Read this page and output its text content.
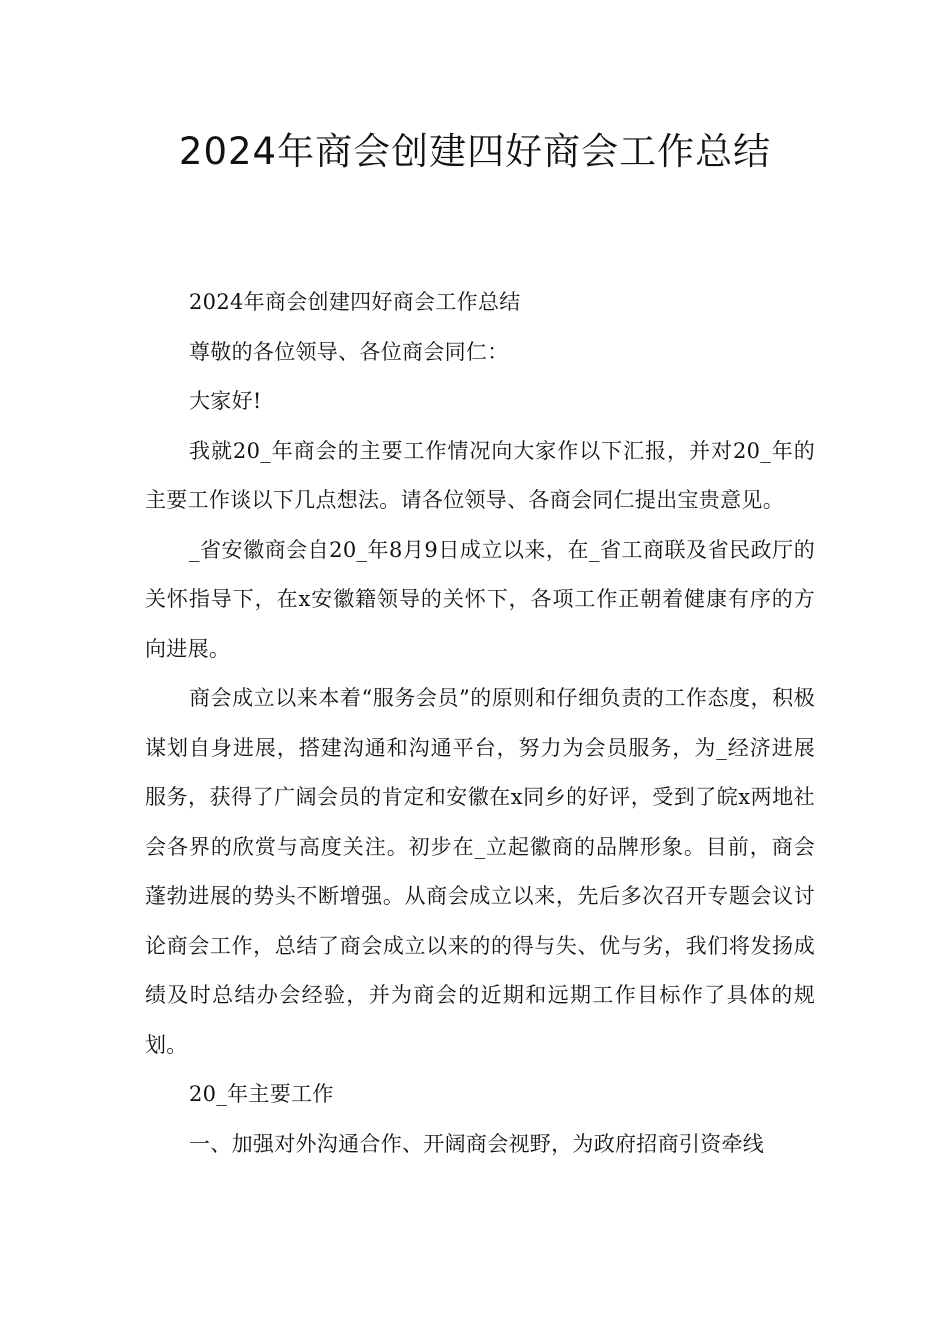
2024年商会创建四好商会工作总结

2024年商会创建四好商会工作总结

尊敬的各位领导、各位商会同仁：

大家好!

我就20_年商会的主要工作情况向大家作以下汇报，并对20_年的主要工作谈以下几点想法。请各位领导、各商会同仁提出宝贵意见。

_省安徽商会自20_年8月9日成立以来，在_省工商联及省民政厅的关怀指导下，在x安徽籍领导的关怀下，各项工作正朝着健康有序的方向进展。

商会成立以来本着“服务会员”的原则和仔细负责的工作态度，积极谋划自身进展，搭建沟通和沟通平台，努力为会员服务，为_经济进展服务，获得了广阔会员的肯定和安徽在x同乡的好评，受到了皖x两地社会各界的欣赏与高度关注。初步在_立起徽商的品牌形象。目前，商会蓬勃进展的势头不断增强。从商会成立以来，先后多次召开专题会议讨论商会工作，总结了商会成立以来的的得与失、优与劣，我们将发扬成绩及时总结办会经验，并为商会的近期和远期工作目标作了具体的规划。

20_年主要工作

一、加强对外沟通合作、开阔商会视野，为政府招商引资牵线
